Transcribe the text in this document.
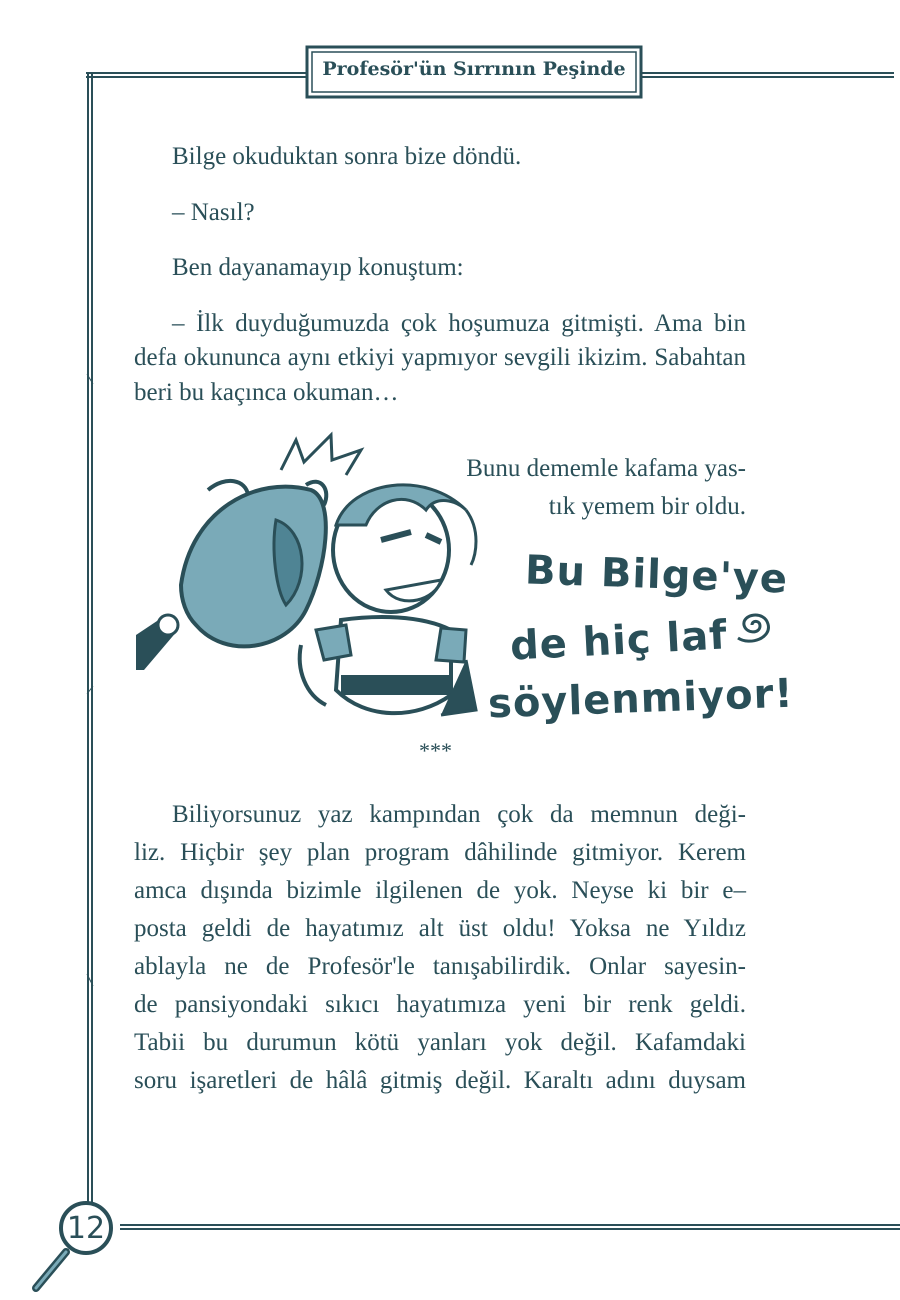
Profesör'ün Sırrının Peşinde

Bilge okuduktan sonra bize döndü.

– Nasıl?

Ben dayanamayıp konuştum:

– İlk duyduğumuzda çok hoşumuza gitmişti. Ama bin defa okununca aynı etkiyi yapmıyor sevgili ikizim. Sabahtan beri bu kaçınca okuman…

Bunu dememle kafama yas-
tık yemem bir oldu.
Bu Bilge'ye
de hiç laf
söylenmiyor!
***
Biliyorsunuz yaz kampından çok da memnun deği-
liz. Hiçbir şey plan program dâhilinde gitmiyor. Kerem
amca dışında bizimle ilgilenen de yok. Neyse ki bir e–
posta geldi de hayatımız alt üst oldu! Yoksa ne Yıldız
ablayla ne de Profesör'le tanışabilirdik. Onlar sayesin-
de pansiyondaki sıkıcı hayatımıza yeni bir renk geldi.
Tabii bu durumun kötü yanları yok değil. Kafamdaki
soru işaretleri de hâlâ gitmiş değil. Karaltı adını duysam
12
